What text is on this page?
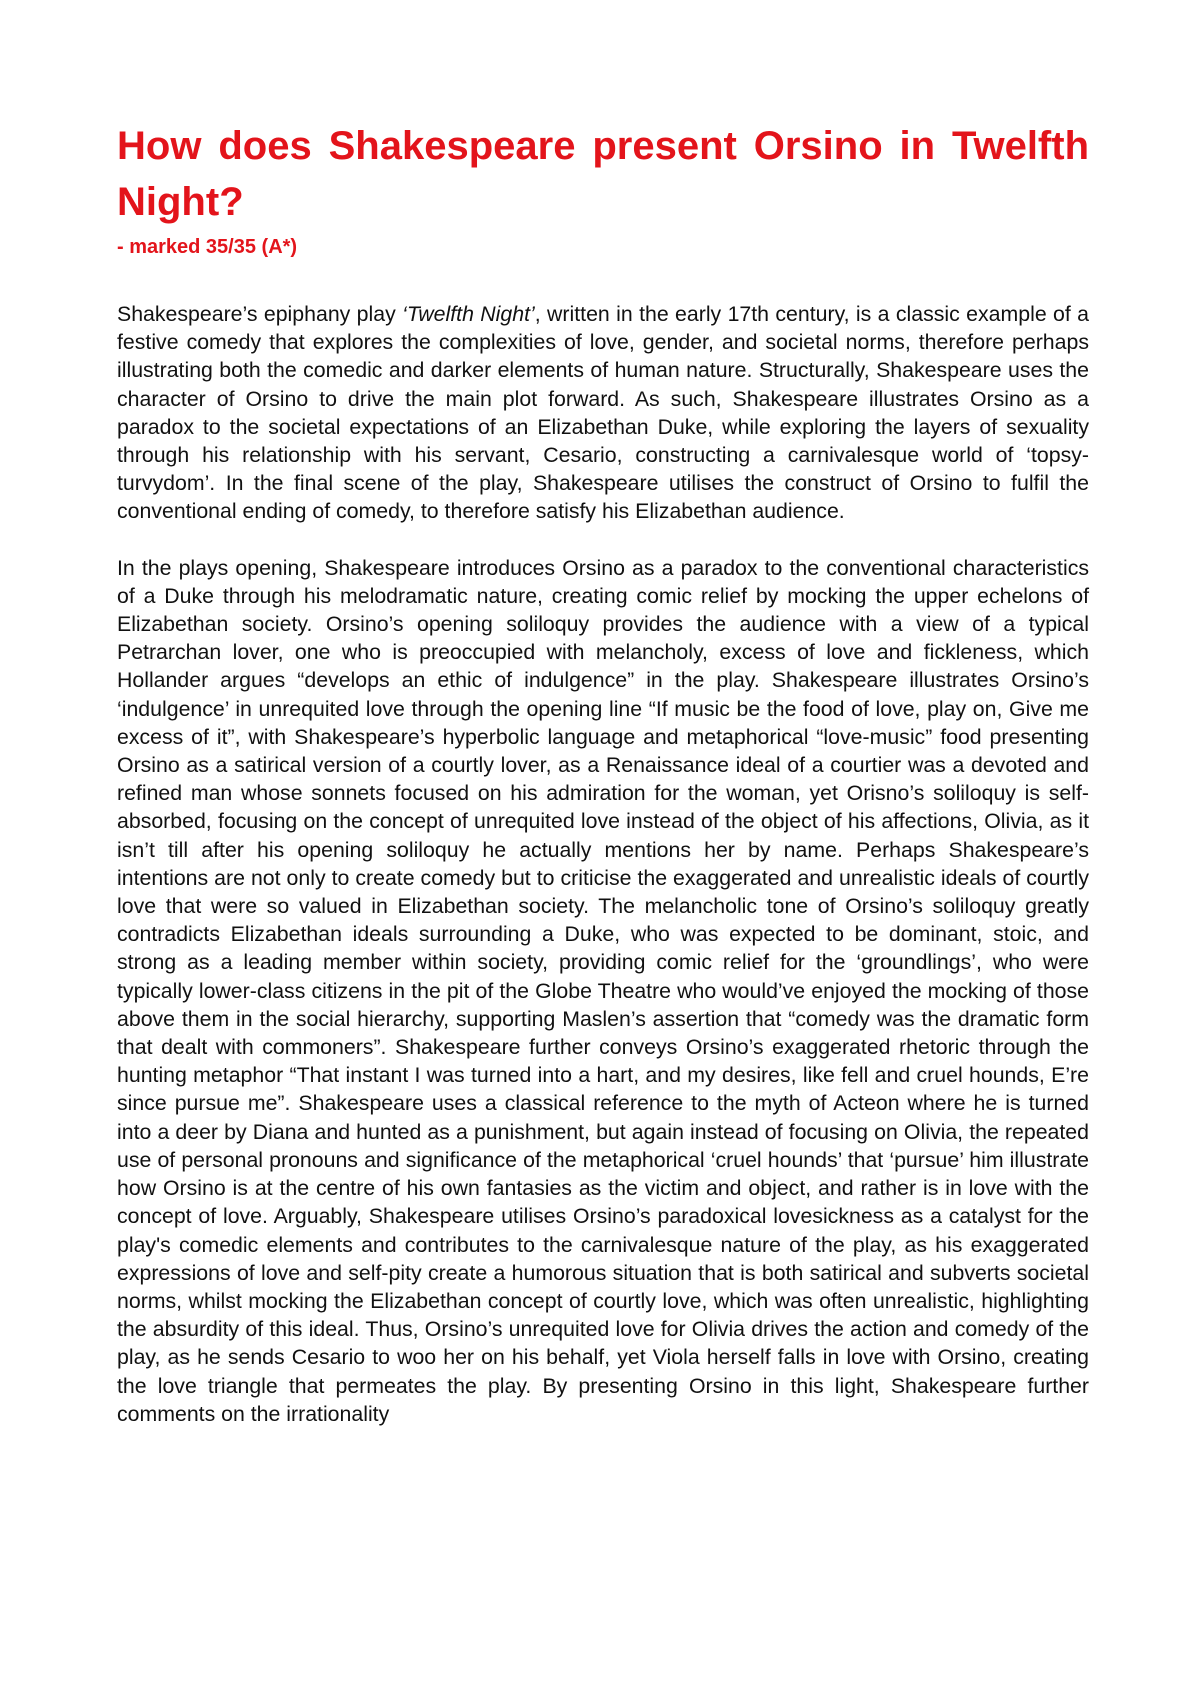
How does Shakespeare present Orsino in Twelfth Night?
- marked 35/35 (A*)

Shakespeare’s epiphany play ‘Twelfth Night’, written in the early 17th century, is a classic example of a festive comedy that explores the complexities of love, gender, and societal norms, therefore perhaps illustrating both the comedic and darker elements of human nature. Structurally, Shakespeare uses the character of Orsino to drive the main plot forward. As such, Shakespeare illustrates Orsino as a paradox to the societal expectations of an Elizabethan Duke, while exploring the layers of sexuality through his relationship with his servant, Cesario, constructing a carnivalesque world of ‘topsy-turvydom’. In the final scene of the play, Shakespeare utilises the construct of Orsino to fulfil the conventional ending of comedy, to therefore satisfy his Elizabethan audience.

In the plays opening, Shakespeare introduces Orsino as a paradox to the conventional characteristics of a Duke through his melodramatic nature, creating comic relief by mocking the upper echelons of Elizabethan society. Orsino’s opening soliloquy provides the audience with a view of a typical Petrarchan lover, one who is preoccupied with melancholy, excess of love and fickleness, which Hollander argues “develops an ethic of indulgence” in the play. Shakespeare illustrates Orsino’s ‘indulgence’ in unrequited love through the opening line “If music be the food of love, play on, Give me excess of it”, with Shakespeare’s hyperbolic language and metaphorical “love-music” food presenting Orsino as a satirical version of a courtly lover, as a Renaissance ideal of a courtier was a devoted and refined man whose sonnets focused on his admiration for the woman, yet Orisno’s soliloquy is self-absorbed, focusing on the concept of unrequited love instead of the object of his affections, Olivia, as it isn’t till after his opening soliloquy he actually mentions her by name. Perhaps Shakespeare’s intentions are not only to create comedy but to criticise the exaggerated and unrealistic ideals of courtly love that were so valued in Elizabethan society. The melancholic tone of Orsino’s soliloquy greatly contradicts Elizabethan ideals surrounding a Duke, who was expected to be dominant, stoic, and strong as a leading member within society, providing comic relief for the ‘groundlings’, who were typically lower-class citizens in the pit of the Globe Theatre who would’ve enjoyed the mocking of those above them in the social hierarchy, supporting Maslen’s assertion that “comedy was the dramatic form that dealt with commoners”. Shakespeare further conveys Orsino’s exaggerated rhetoric through the hunting metaphor “That instant I was turned into a hart, and my desires, like fell and cruel hounds, E’re since pursue me”. Shakespeare uses a classical reference to the myth of Acteon where he is turned into a deer by Diana and hunted as a punishment, but again instead of focusing on Olivia, the repeated use of personal pronouns and significance of the metaphorical ‘cruel hounds’ that ‘pursue’ him illustrate how Orsino is at the centre of his own fantasies as the victim and object, and rather is in love with the concept of love. Arguably, Shakespeare utilises Orsino’s paradoxical lovesickness as a catalyst for the play's comedic elements and contributes to the carnivalesque nature of the play, as his exaggerated expressions of love and self-pity create a humorous situation that is both satirical and subverts societal norms, whilst mocking the Elizabethan concept of courtly love, which was often unrealistic, highlighting the absurdity of this ideal. Thus, Orsino’s unrequited love for Olivia drives the action and comedy of the play, as he sends Cesario to woo her on his behalf, yet Viola herself falls in love with Orsino, creating the love triangle that permeates the play. By presenting Orsino in this light, Shakespeare further comments on the irrationality
